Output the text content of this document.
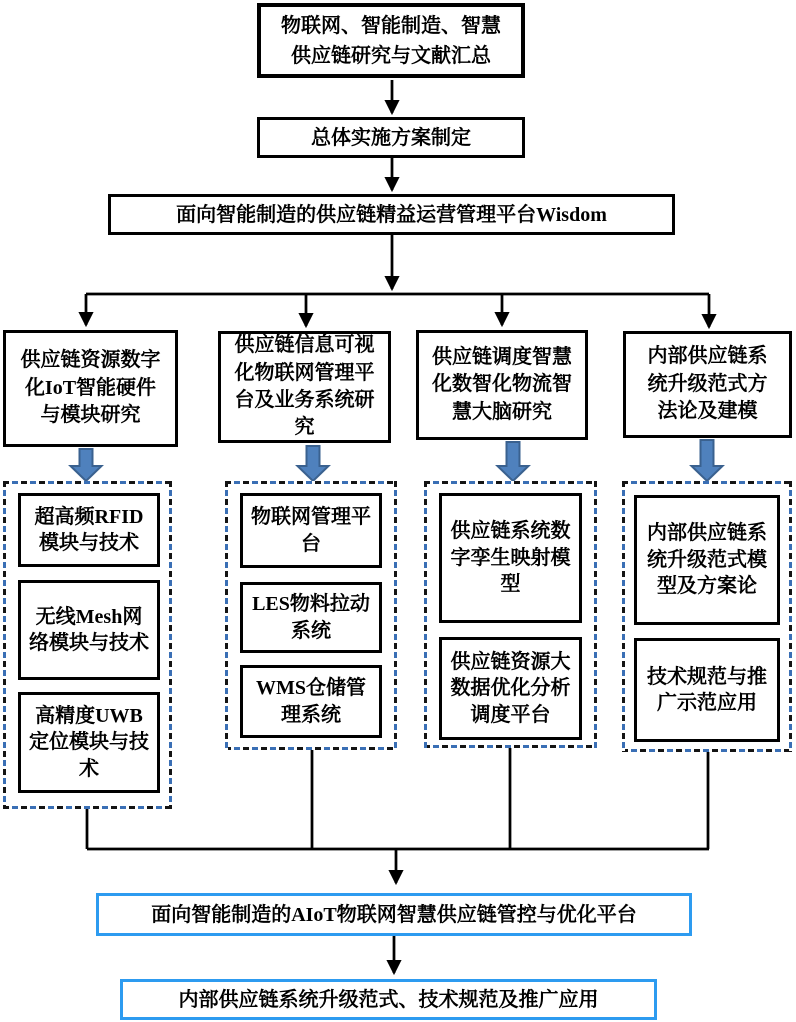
物联网、智能制造、智慧供应链研究与文献汇总
总体实施方案制定
面向智能制造的供应链精益运营管理平台Wisdom
供应链资源数字化IoT智能硬件与模块研究
供应链信息可视化物联网管理平台及业务系统研究
供应链调度智慧化数智化物流智慧大脑研究
内部供应链系统升级范式方法论及建模
超高频RFID模块与技术
无线Mesh网络模块与技术
高精度UWB定位模块与技术
物联网管理平台
LES物料拉动系统
WMS仓储管理系统
供应链系统数字孪生映射模型
供应链资源大数据优化分析调度平台
内部供应链系统升级范式模型及方案论
技术规范与推广示范应用
面向智能制造的AIoT物联网智慧供应链管控与优化平台
内部供应链系统升级范式、技术规范及推广应用
